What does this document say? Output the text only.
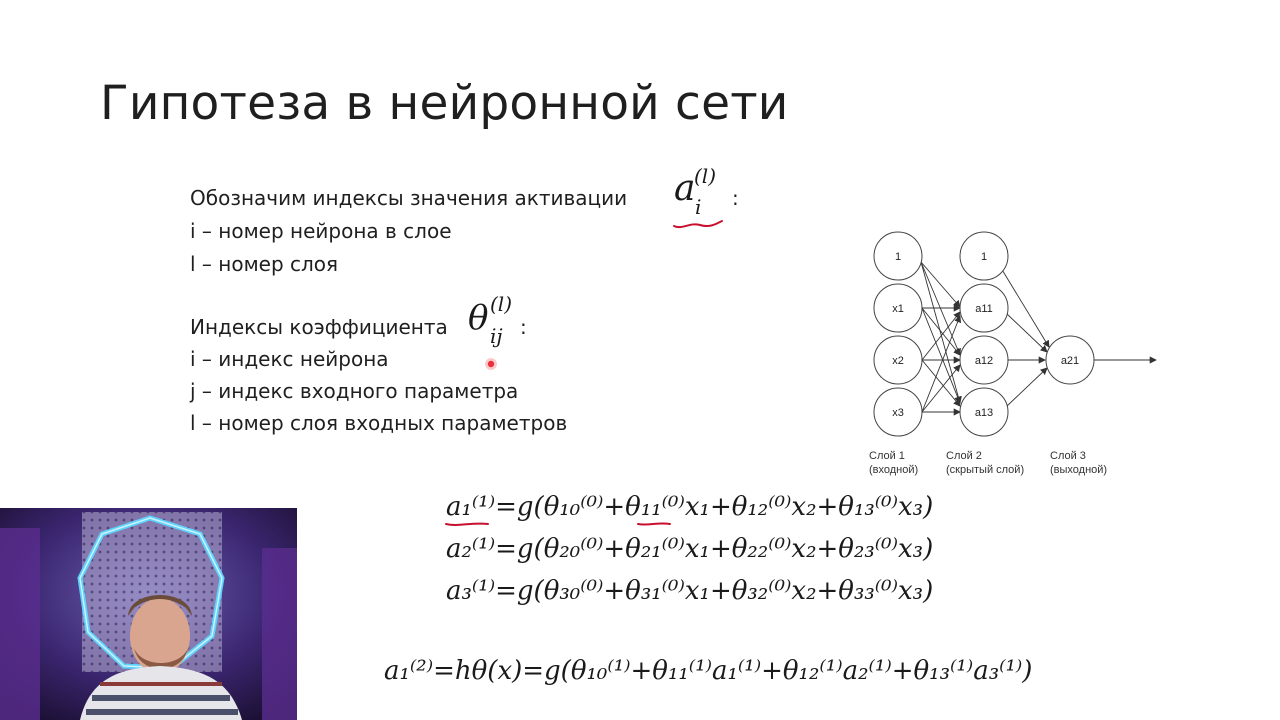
Гипотеза в нейронной сети
Обозначим индексы значения активации a i
(l)
:
i – номер нейрона в слое
l – номер слоя
Индексы коэффициента θ ij
(l)
:
i – индекс нейрона
j – индекс входного параметра
l – номер слоя входных параметров
1
x1
x2
x3
1
a11
a12
a13
a21
Слой 1
(входной)
Слой 2
(скрытый слой)
Слой 3
(выходной)
a₁⁽¹⁾=g(θ₁₀⁽⁰⁾+θ₁₁⁽⁰⁾x₁+θ₁₂⁽⁰⁾x₂+θ₁₃⁽⁰⁾x₃)
a₂⁽¹⁾=g(θ₂₀⁽⁰⁾+θ₂₁⁽⁰⁾x₁+θ₂₂⁽⁰⁾x₂+θ₂₃⁽⁰⁾x₃)
a₃⁽¹⁾=g(θ₃₀⁽⁰⁾+θ₃₁⁽⁰⁾x₁+θ₃₂⁽⁰⁾x₂+θ₃₃⁽⁰⁾x₃)
a₁⁽²⁾=hθ(x)=g(θ₁₀⁽¹⁾+θ₁₁⁽¹⁾a₁⁽¹⁾+θ₁₂⁽¹⁾a₂⁽¹⁾+θ₁₃⁽¹⁾a₃⁽¹⁾)
